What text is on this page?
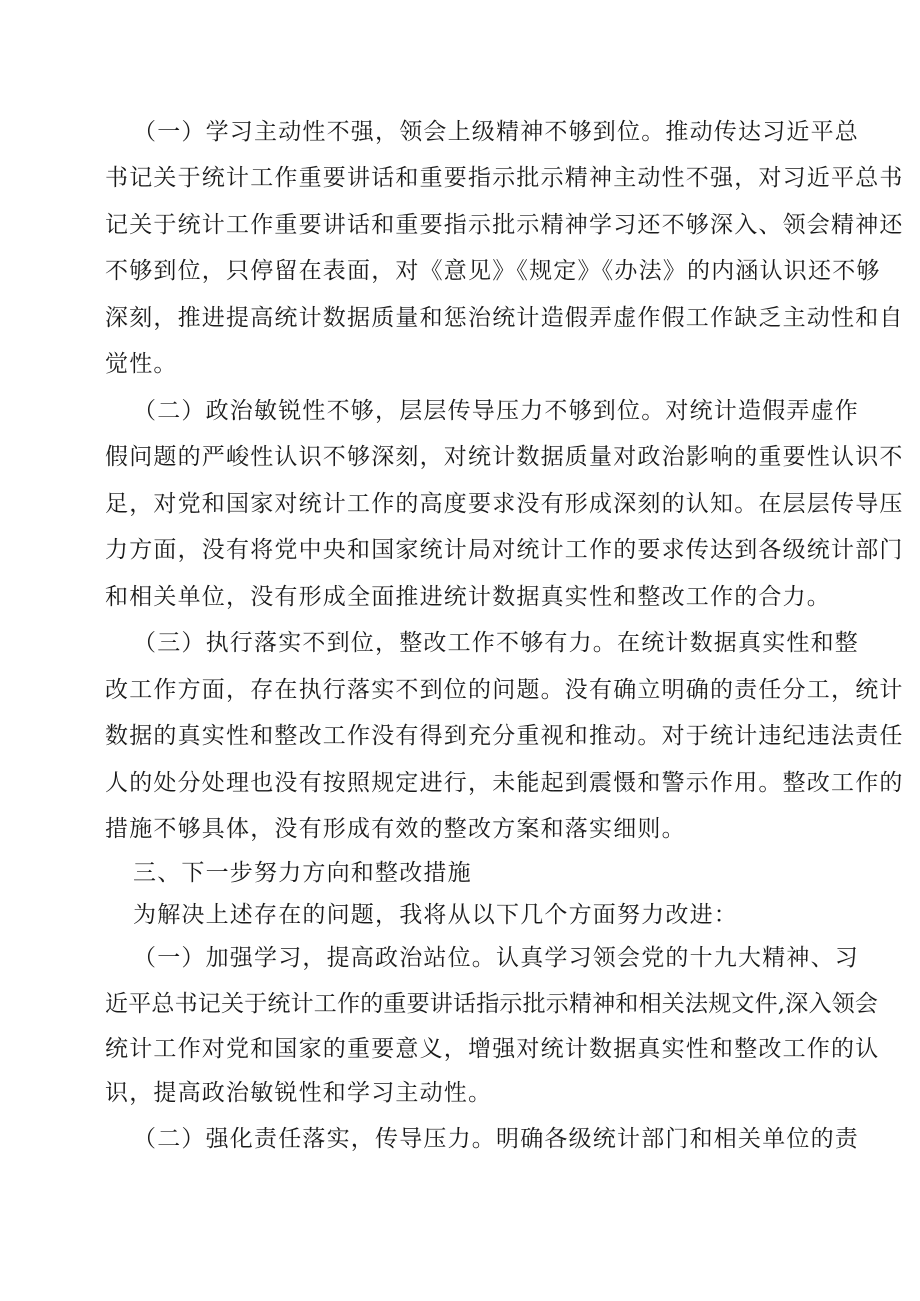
（一）学习主动性不强，领会上级精神不够到位。推动传达习近平总
书记关于统计工作重要讲话和重要指示批示精神主动性不强，对习近平总书
记关于统计工作重要讲话和重要指示批示精神学习还不够深入、领会精神还
不够到位，只停留在表面，对《意见》《规定》《办法》的内涵认识还不够
深刻，推进提高统计数据质量和惩治统计造假弄虚作假工作缺乏主动性和自
觉性。
（二）政治敏锐性不够，层层传导压力不够到位。对统计造假弄虚作
假问题的严峻性认识不够深刻，对统计数据质量对政治影响的重要性认识不
足，对党和国家对统计工作的高度要求没有形成深刻的认知。在层层传导压
力方面，没有将党中央和国家统计局对统计工作的要求传达到各级统计部门
和相关单位，没有形成全面推进统计数据真实性和整改工作的合力。
（三）执行落实不到位，整改工作不够有力。在统计数据真实性和整
改工作方面，存在执行落实不到位的问题。没有确立明确的责任分工，统计
数据的真实性和整改工作没有得到充分重视和推动。对于统计违纪违法责任
人的处分处理也没有按照规定进行，未能起到震慑和警示作用。整改工作的
措施不够具体，没有形成有效的整改方案和落实细则。
三、下一步努力方向和整改措施
为解决上述存在的问题，我将从以下几个方面努力改进：
（一）加强学习，提高政治站位。认真学习领会党的十九大精神、习
近平总书记关于统计工作的重要讲话指示批示精神和相关法规文件,深入领会
统计工作对党和国家的重要意义，增强对统计数据真实性和整改工作的认
识，提高政治敏锐性和学习主动性。
（二）强化责任落实，传导压力。明确各级统计部门和相关单位的责
